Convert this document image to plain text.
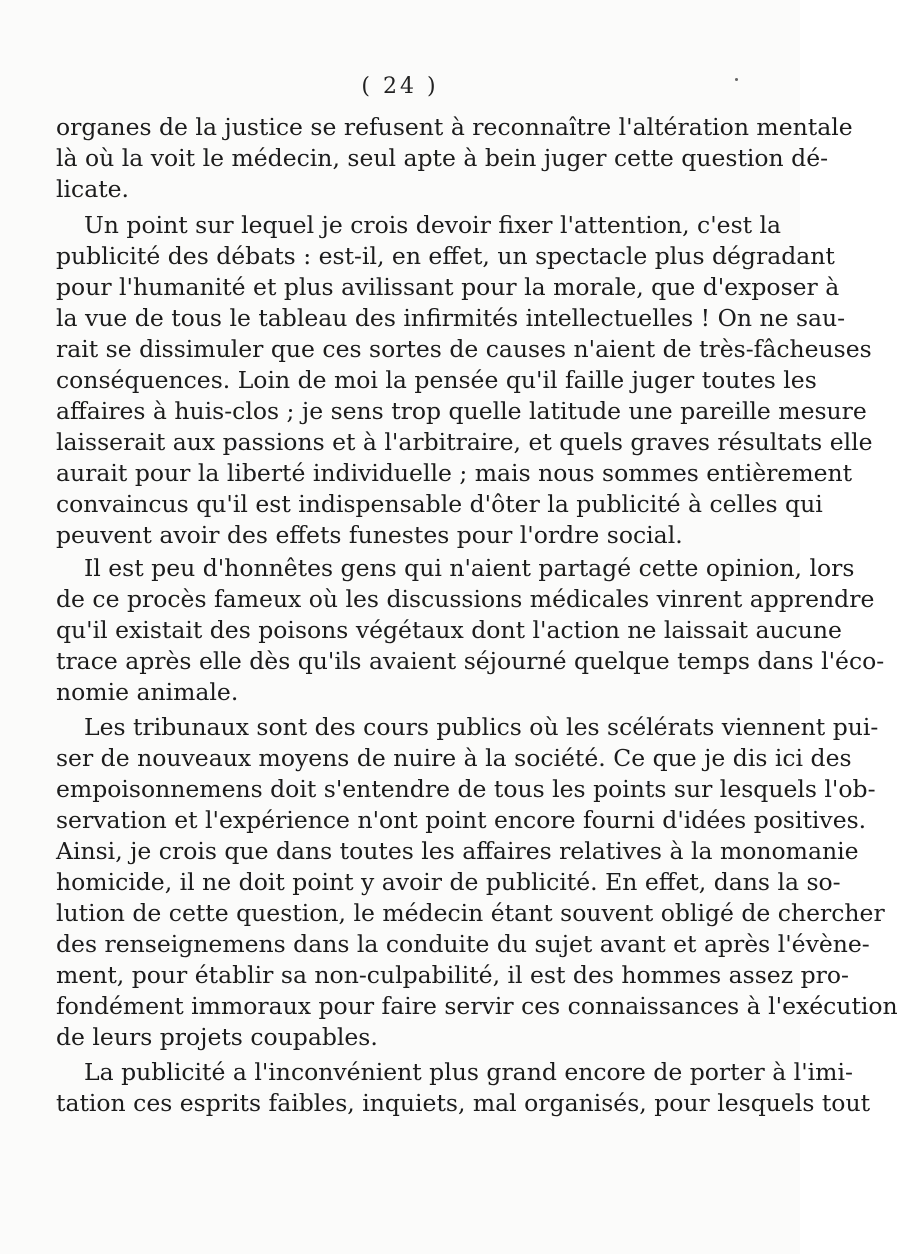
( 24 )
organes de la justice se refusent à reconnaître l'altération mentale
là où la voit le médecin, seul apte à bein juger cette question dé-
licate.
Un point sur lequel je crois devoir fixer l'attention, c'est la
publicité des débats : est-il, en effet, un spectacle plus dégradant
pour l'humanité et plus avilissant pour la morale, que d'exposer à
la vue de tous le tableau des infirmités intellectuelles ! On ne sau-
rait se dissimuler que ces sortes de causes n'aient de très-fâcheuses
conséquences. Loin de moi la pensée qu'il faille juger toutes les
affaires à huis-clos ; je sens trop quelle latitude une pareille mesure
laisserait aux passions et à l'arbitraire, et quels graves résultats elle
aurait pour la liberté individuelle ; mais nous sommes entièrement
convaincus qu'il est indispensable d'ôter la publicité à celles qui
peuvent avoir des effets funestes pour l'ordre social.
Il est peu d'honnêtes gens qui n'aient partagé cette opinion, lors
de ce procès fameux où les discussions médicales vinrent apprendre
qu'il existait des poisons végétaux dont l'action ne laissait aucune
trace après elle dès qu'ils avaient séjourné quelque temps dans l'éco-
nomie animale.
Les tribunaux sont des cours publics où les scélérats viennent pui-
ser de nouveaux moyens de nuire à la société. Ce que je dis ici des
empoisonnemens doit s'entendre de tous les points sur lesquels l'ob-
servation et l'expérience n'ont point encore fourni d'idées positives.
Ainsi, je crois que dans toutes les affaires relatives à la monomanie
homicide, il ne doit point y avoir de publicité. En effet, dans la so-
lution de cette question, le médecin étant souvent obligé de chercher
des renseignemens dans la conduite du sujet avant et après l'évène-
ment, pour établir sa non-culpabilité, il est des hommes assez pro-
fondément immoraux pour faire servir ces connaissances à l'exécution
de leurs projets coupables.
La publicité a l'inconvénient plus grand encore de porter à l'imi-
tation ces esprits faibles, inquiets, mal organisés, pour lesquels tout
